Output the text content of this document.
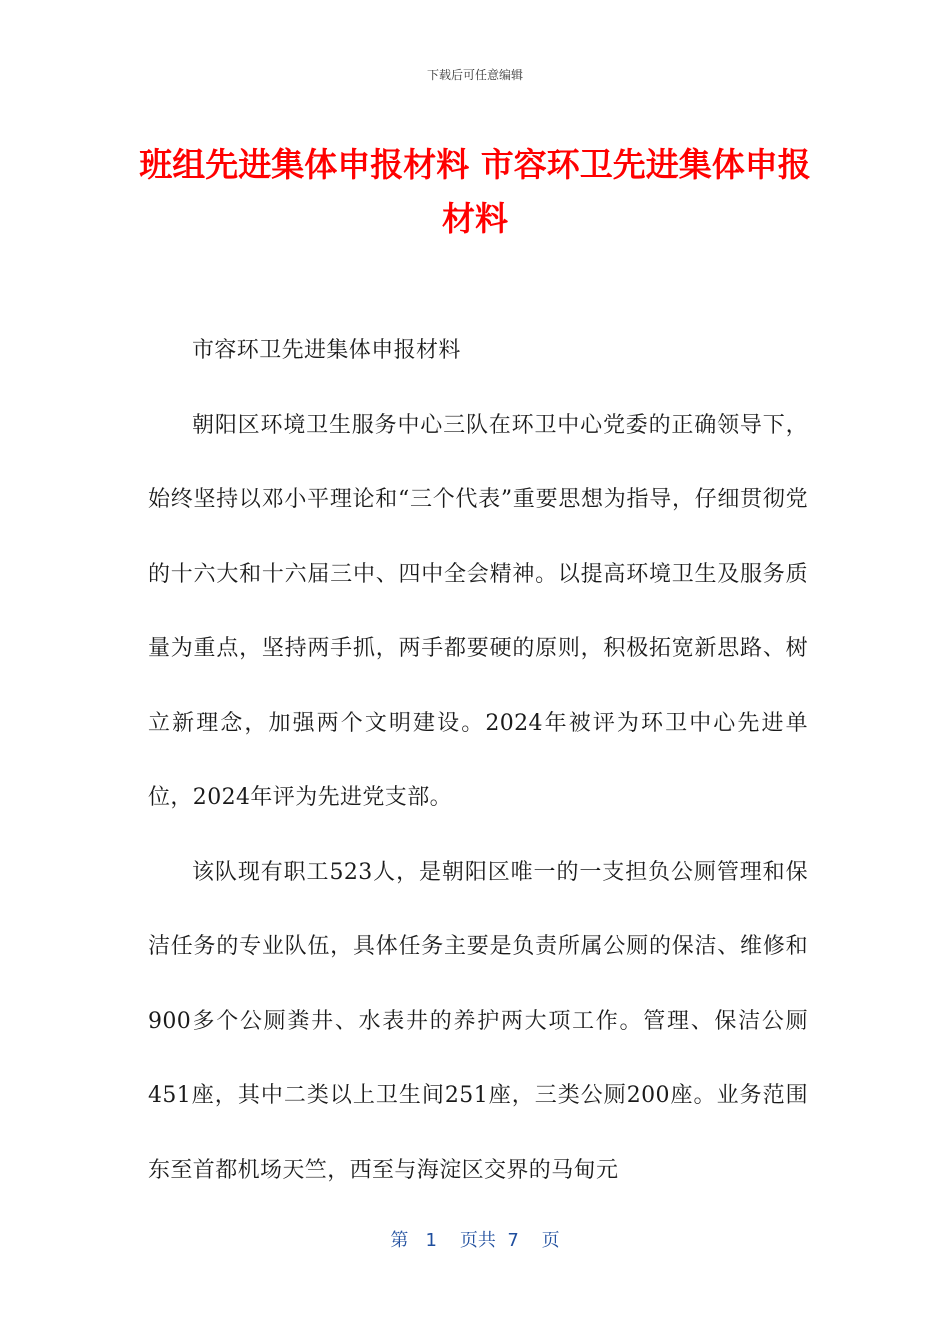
下载后可任意编辑
班组先进集体申报材料 市容环卫先进集体申报材料

市容环卫先进集体申报材料

朝阳区环境卫生服务中心三队在环卫中心党委的正确领导下，始终坚持以邓小平理论和“三个代表”重要思想为指导，仔细贯彻党的十六大和十六届三中、四中全会精神。以提高环境卫生及服务质量为重点，坚持两手抓，两手都要硬的原则，积极拓宽新思路、树立新理念，加强两个文明建设。2024年被评为环卫中心先进单位，2024年评为先进党支部。

该队现有职工523人，是朝阳区唯一的一支担负公厕管理和保洁任务的专业队伍，具体任务主要是负责所属公厕的保洁、维修和900多个公厕粪井、水表井的养护两大项工作。管理、保洁公厕451座，其中二类以上卫生间251座，三类公厕200座。业务范围东至首都机场天竺，西至与海淀区交界的马甸元

第 1 页共 7 页
